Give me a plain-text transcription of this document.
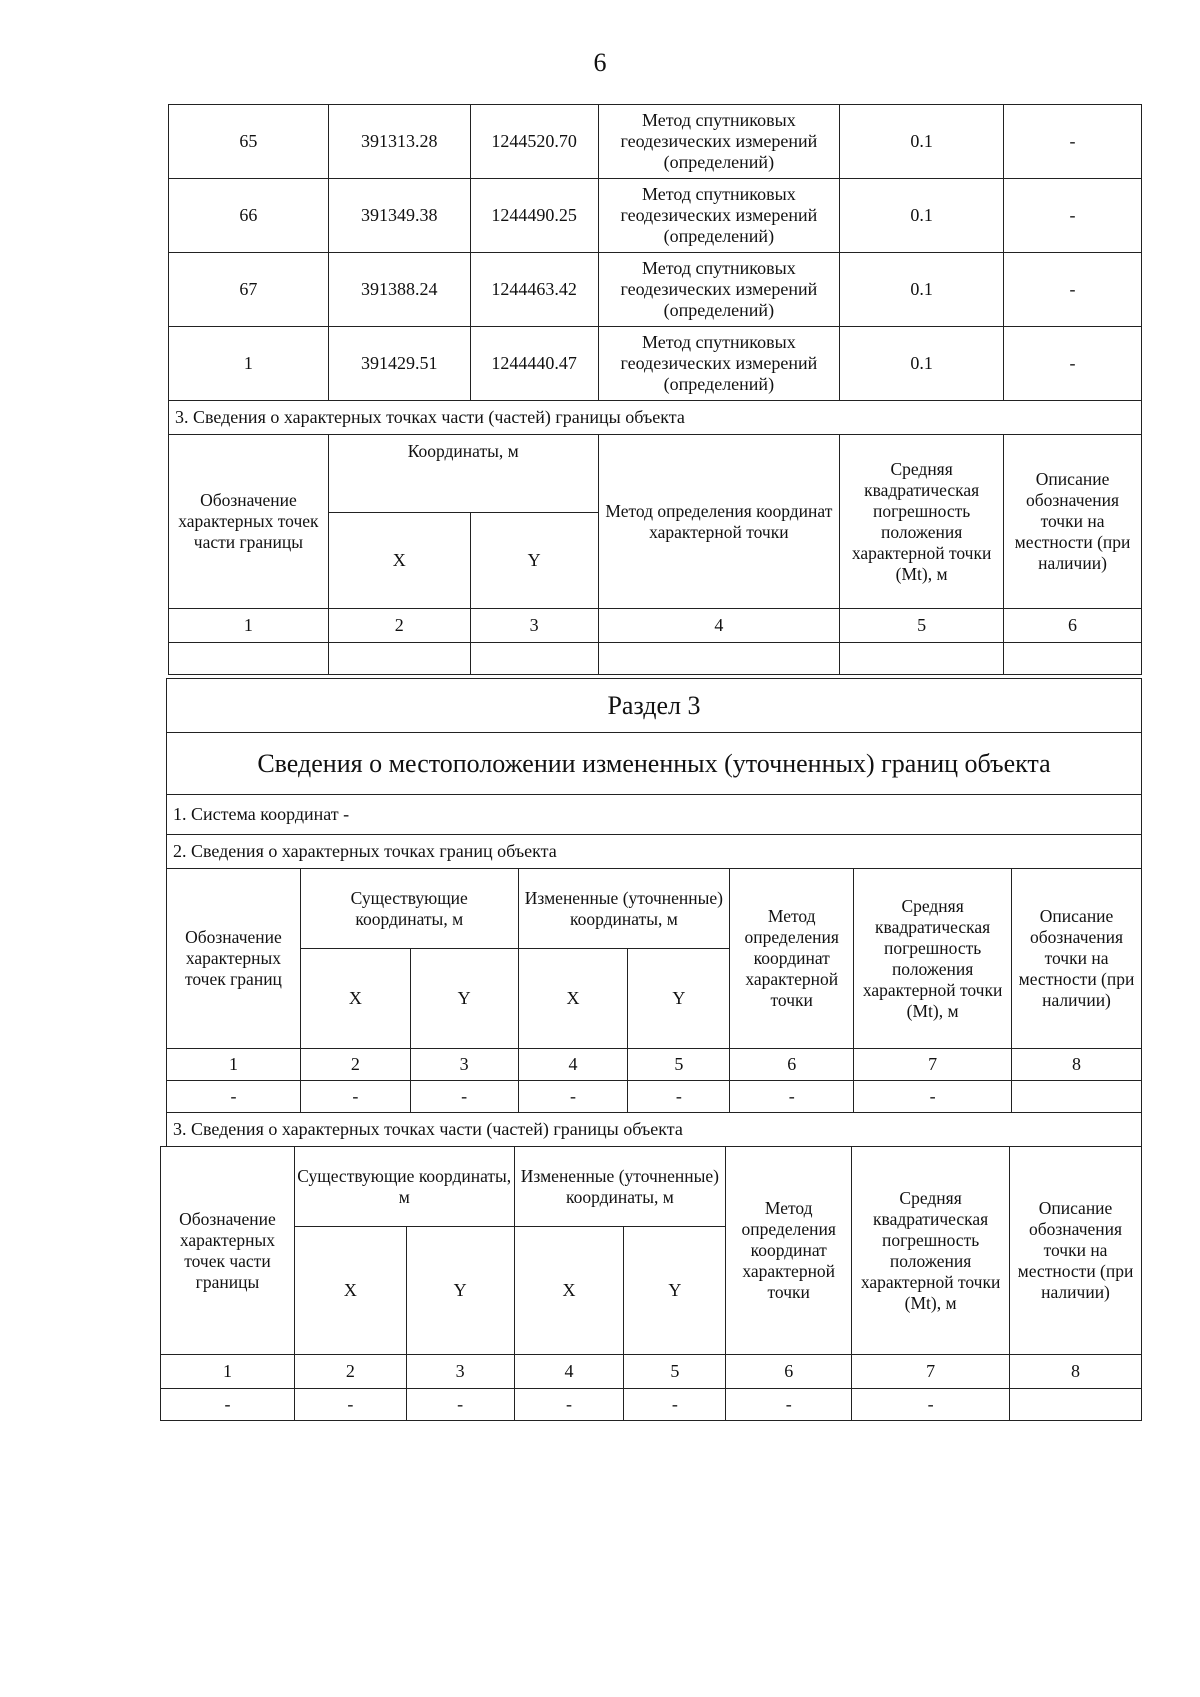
6
65	391313.28	1244520.70	Метод спутниковых геодезических измерений (определений)	0.1	-
66	391349.38	1244490.25	Метод спутниковых геодезических измерений (определений)	0.1	-
67	391388.24	1244463.42	Метод спутниковых геодезических измерений (определений)	0.1	-
1	391429.51	1244440.47	Метод спутниковых геодезических измерений (определений)	0.1	-
3. Сведения о характерных точках части (частей) границы объекта					
Обозначение характерных точек части границы	Координаты, м		Метод определения координат характерной точки	Средняя квадратическая погрешность положения характерной точки (Mt), м	Описание обозначения точки на местности (при наличии)
	X	Y			
1	2	3	4	5	6

Раздел 3
Сведения о местоположении измененных (уточненных) границ объекта
1. Система координат -
2. Сведения о характерных точках границ объекта
Обозначение характерных точек границ	Существующие координаты, м		Измененные (уточненные) координаты, м		Метод определения координат характерной точки	Средняя квадратическая погрешность положения характерной точки (Mt), м	Описание обозначения точки на местности (при наличии)
	X	Y	X	Y			
1	2	3	4	5	6	7	8
-	-	-	-	-	-	-	
3. Сведения о характерных точках части (частей) границы объекта							
Обозначение характерных точек части границы	Существующие координаты, м		Измененные (уточненные) координаты, м		Метод определения координат характерной точки	Средняя квадратическая погрешность положения характерной точки (Mt), м	Описание обозначения точки на местности (при наличии)
	X	Y	X	Y			
1	2	3	4	5	6	7	8
-	-	-	-	-	-	-	
